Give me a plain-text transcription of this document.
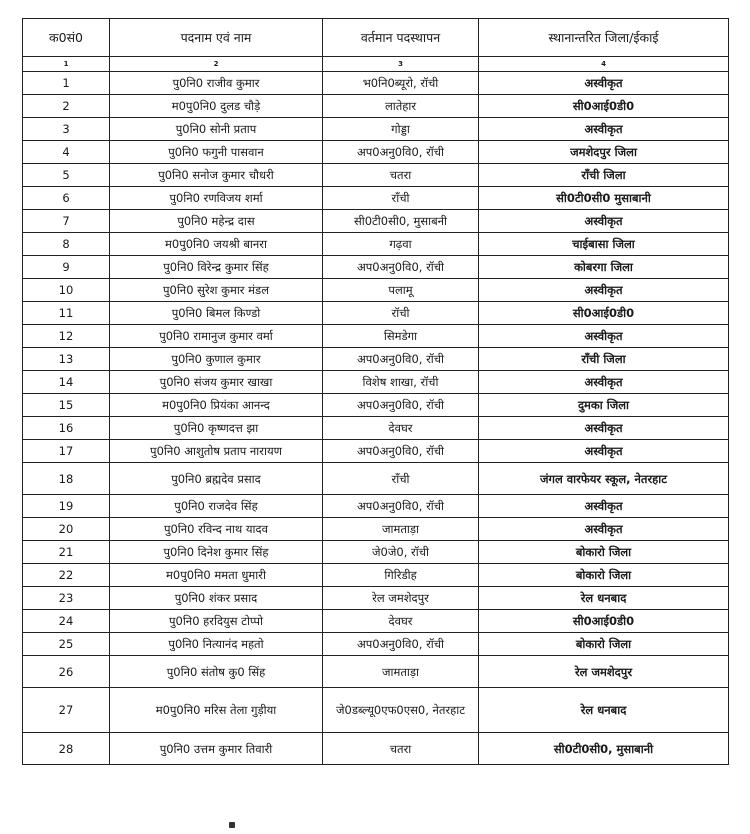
क0सं0	पदनाम एवं नाम	वर्तमान पदस्थापन	स्थानान्तरित जिला/ईकाई
1	2	3	4
1	पु0नि0 राजीव कुमार	भ0नि0ब्यूरो, रॉची	अस्वीकृत
2	म0पु0नि0 दुलड चौड़े	लातेहार	सी0आई0डी0
3	पु0नि0 सोनी प्रताप	गोड्डा	अस्वीकृत
4	पु0नि0 फगुनी पासवान	अप0अनु0वि0, रॉची	जमशेदपुर जिला
5	पु0नि0 सनोज कुमार चौधरी	चतरा	रॉंची जिला
6	पु0नि0 रणविजय शर्मा	रॉंची	सी0टी0सी0 मुसाबानी
7	पु0नि0 महेन्द्र दास	सी0टी0सी0, मुसाबनी	अस्वीकृत
8	म0पु0नि0 जयश्री बानरा	गढ़वा	चाईबासा जिला
9	पु0नि0 विरेन्द्र कुमार सिंह	अप0अनु0वि0, रॉची	कोबरगा जिला
10	पु0नि0 सुरेश कुमार मंडल	पलामू	अस्वीकृत
11	पु0नि0 बिमल किण्डो	रॉची	सी0आई0डी0
12	पु0नि0 रामानुज कुमार वर्मा	सिमडेगा	अस्वीकृत
13	पु0नि0 कुणाल कुमार	अप0अनु0वि0, रॉची	रॉंची जिला
14	पु0नि0 संजय कुमार खाखा	विशेष शाखा, रॉची	अस्वीकृत
15	म0पु0नि0 प्रियंका आनन्द	अप0अनु0वि0, रॉची	दुमका जिला
16	पु0नि0 कृष्णदत्त झा	देवघर	अस्वीकृत
17	पु0नि0 आशुतोष प्रताप नारायण	अप0अनु0वि0, रॉची	अस्वीकृत
18	पु0नि0 ब्रह्मदेव प्रसाद	रॉंची	जंगल वारफेयर स्कूल, नेतरहाट
19	पु0नि0 राजदेव सिंह	अप0अनु0वि0, रॉची	अस्वीकृत
20	पु0नि0 रविन्द नाथ यादव	जामताड़ा	अस्वीकृत
21	पु0नि0 दिनेश कुमार सिंह	जे0जे0, रॉची	बोकारो जिला
22	म0पु0नि0 ममता धुमारी	गिरिडीह	बोकारो जिला
23	पु0नि0 शंकर प्रसाद	रेल जमशेदपुर	रेल धनबाद
24	पु0नि0 हरदियुस टोप्पो	देवघर	सी0आई0डी0
25	पु0नि0 नित्यानंद महतो	अप0अनु0वि0, रॉची	बोकारो जिला
26	पु0नि0 संतोष कु0 सिंह	जामताड़ा	रेल जमशेदपुर
27	म0पु0नि0 मरिस तेला गुड़ीया	जे0डब्ल्यू0एफ0एस0, नेतरहाट	रेल धनबाद
28	पु0नि0 उत्तम कुमार तिवारी	चतरा	सी0टी0सी0, मुसाबानी
